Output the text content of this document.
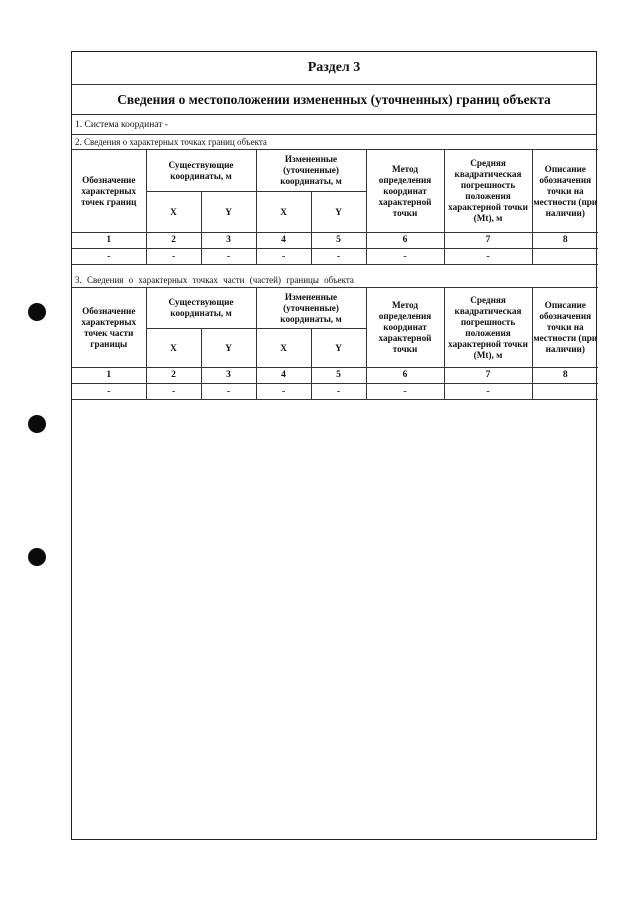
Раздел 3
Сведения о местоположении измененных (уточненных) границ объекта
1. Система координат -
2. Сведения о характерных точках границ объекта
Обозначение характерных точек границ	Существующие координаты, м		Измененные (уточненные) координаты, м		Метод определения координат характерной точки	Средняя квадратическая погрешность положения характерной точки (Mt), м	Описание обозначения точки на местности (при наличии)
	X	Y	X	Y			
1	2	3	4	5	6	7	8
-	-	-	-	-	-	-	
3. Сведения о характерных точках части (частей) границы объекта
Обозначение характерных точек части границы	Существующие координаты, м		Измененные (уточненные) координаты, м		Метод определения координат характерной точки	Средняя квадратическая погрешность положения характерной точки (Mt), м	Описание обозначения точки на местности (при наличии)
	X	Y	X	Y			
1	2	3	4	5	6	7	8
-	-	-	-	-	-	-	
